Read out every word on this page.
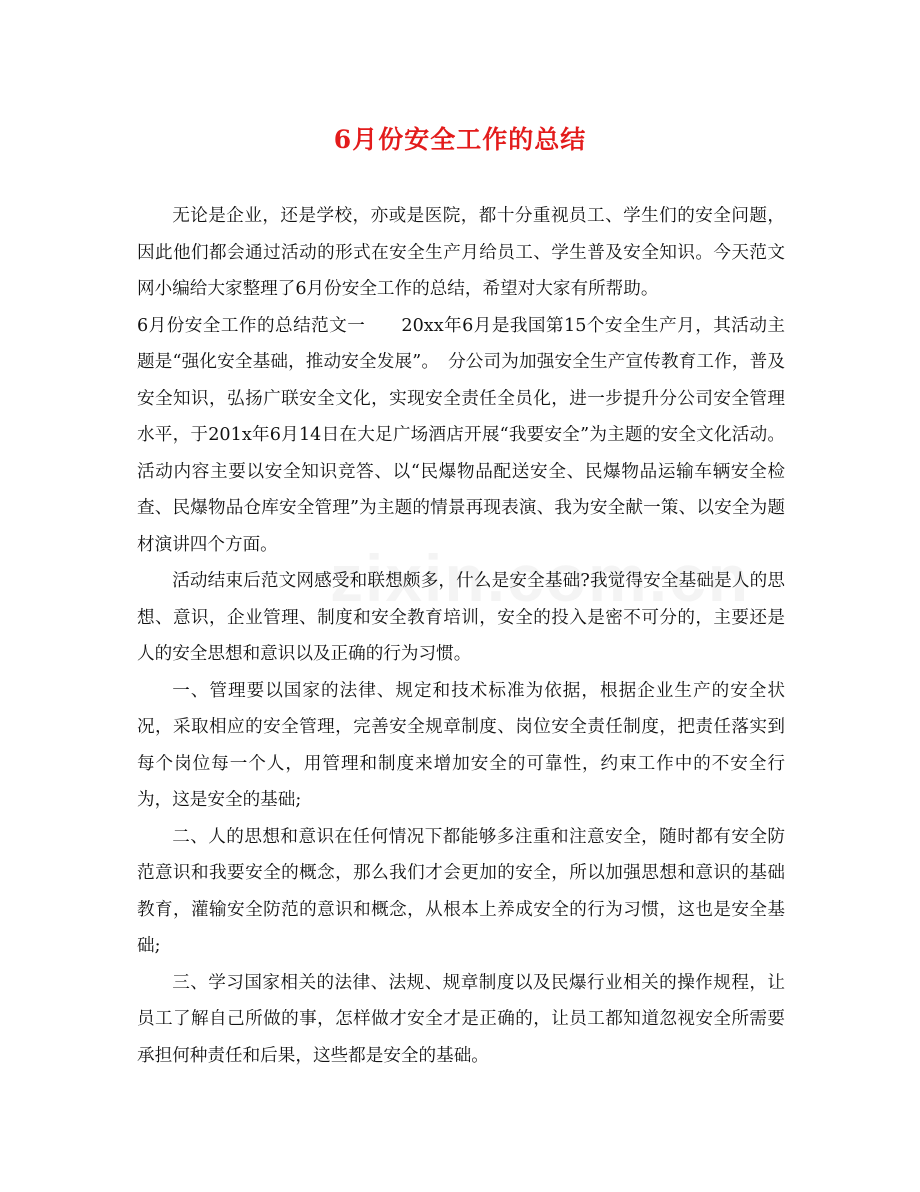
6月份安全工作的总结

无论是企业，还是学校，亦或是医院，都十分重视员工、学生们的安全问题，因此他们都会通过活动的形式在安全生产月给员工、学生普及安全知识。今天范文网小编给大家整理了6月份安全工作的总结，希望对大家有所帮助。

6月份安全工作的总结范文一　　20xx年6月是我国第15个安全生产月，其活动主题是“强化安全基础，推动安全发展”。　分公司为加强安全生产宣传教育工作，普及安全知识，弘扬广联安全文化，实现安全责任全员化，进一步提升分公司安全管理水平，于201x年6月14日在大足广场酒店开展“我要安全”为主题的安全文化活动。活动内容主要以安全知识竞答、以“民爆物品配送安全、民爆物品运输车辆安全检查、民爆物品仓库安全管理”为主题的情景再现表演、我为安全献一策、以安全为题材演讲四个方面。

活动结束后范文网感受和联想颇多，什么是安全基础?我觉得安全基础是人的思想、意识，企业管理、制度和安全教育培训，安全的投入是密不可分的，主要还是人的安全思想和意识以及正确的行为习惯。

一、管理要以国家的法律、规定和技术标准为依据，根据企业生产的安全状况，采取相应的安全管理，完善安全规章制度、岗位安全责任制度，把责任落实到每个岗位每一个人，用管理和制度来增加安全的可靠性，约束工作中的不安全行为，这是安全的基础;

二、人的思想和意识在任何情况下都能够多注重和注意安全，随时都有安全防范意识和我要安全的概念，那么我们才会更加的安全，所以加强思想和意识的基础教育，灌输安全防范的意识和概念，从根本上养成安全的行为习惯，这也是安全基础;

三、学习国家相关的法律、法规、规章制度以及民爆行业相关的操作规程，让员工了解自己所做的事，怎样做才安全才是正确的，让员工都知道忽视安全所需要承担何种责任和后果，这些都是安全的基础。
